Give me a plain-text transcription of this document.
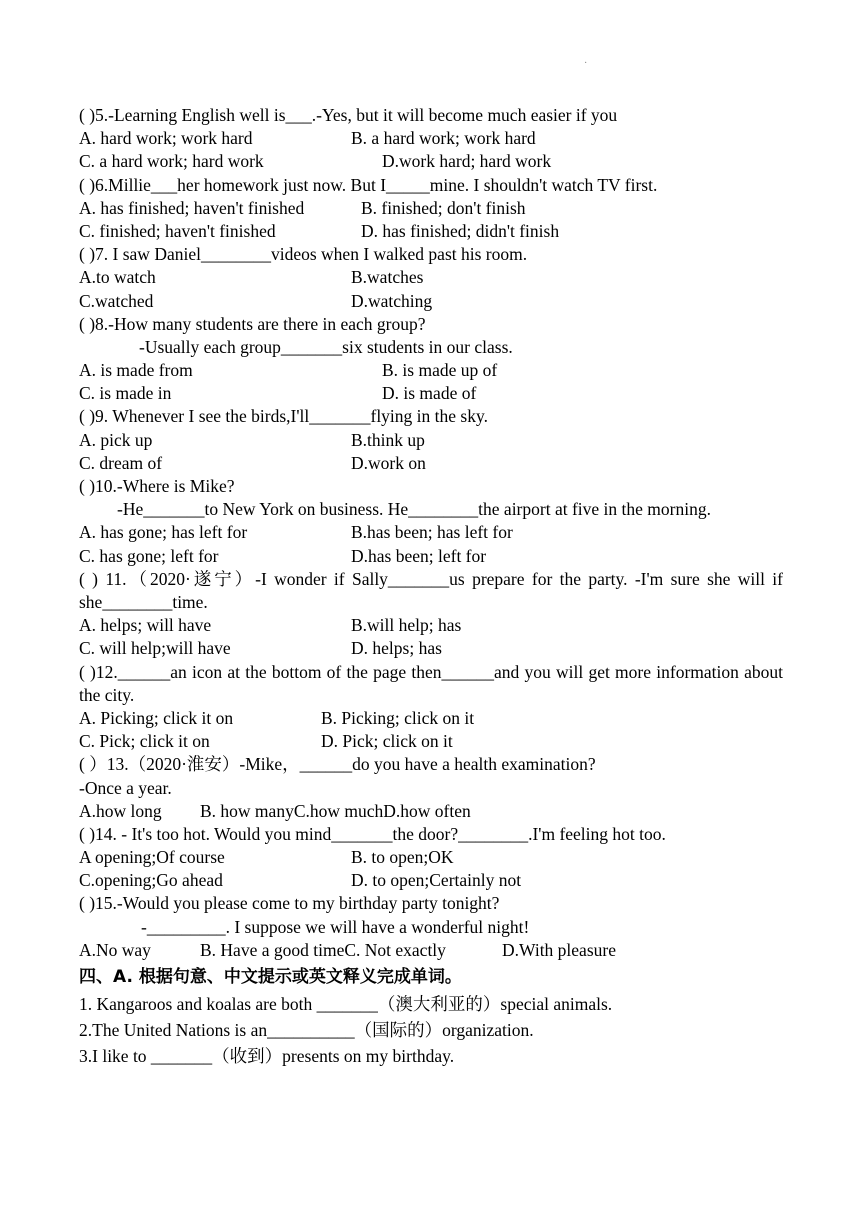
·
( )5.-Learning English well is___.-Yes, but it will become much easier if you
A. hard work; work hard	B. a hard work; work hard
C. a hard work; hard work	D.work hard; hard work
( )6.Millie___her homework just now. But I_____mine. I shouldn't watch TV first.
A. has finished; haven't finished	B. finished; don't finish
C. finished; haven't finished	D. has finished; didn't finish
( )7. I saw Daniel________videos when I walked past his room.
A.to watch	B.watches
C.watched	D.watching
( )8.-How many students are there in each group?
-Usually each group_______six students in our class.
A. is made from	B. is made up of
C. is made in	D. is made of
( )9. Whenever I see the birds,I'll_______flying in the sky.
A. pick up	B.think up
C. dream of	D.work on
( )10.-Where is Mike?
-He_______to New York on business. He________the airport at five in the morning.
A. has gone; has left for	B.has been; has left for
C. has gone; left for	D.has been; left for
( ) 11.（2020·遂宁）-I wonder if Sally_______us prepare for the party. -I'm sure she will if she________time.
A. helps; will have	B.will help; has
C. will help;will have	D. helps; has
( )12.______an icon at the bottom of the page then______and you will get more information about the city.
A. Picking; click it on	B. Picking; click on it
C. Pick; click it on	D. Pick; click on it
( ）13.（2020·淮安）-Mike，______do you have a health examination?
-Once a year.
A.how long	B. how manyC.how muchD.how often
( )14. - It's too hot. Would you mind_______the door?________.I'm feeling hot too.
A opening;Of course	B. to open;OK
C.opening;Go ahead	D. to open;Certainly not
( )15.-Would you please come to my birthday party tonight?
-_________. I suppose we will have a wonderful night!
A.No way	B. Have a good timeC. Not exactly	D.With pleasure
四、A. 根据句意、中文提示或英文释义完成单词。
1. Kangaroos and koalas are both _______（澳大利亚的）special animals.
2.The United Nations is an__________（国际的）organization.
3.I like to _______（收到）presents on my birthday.
